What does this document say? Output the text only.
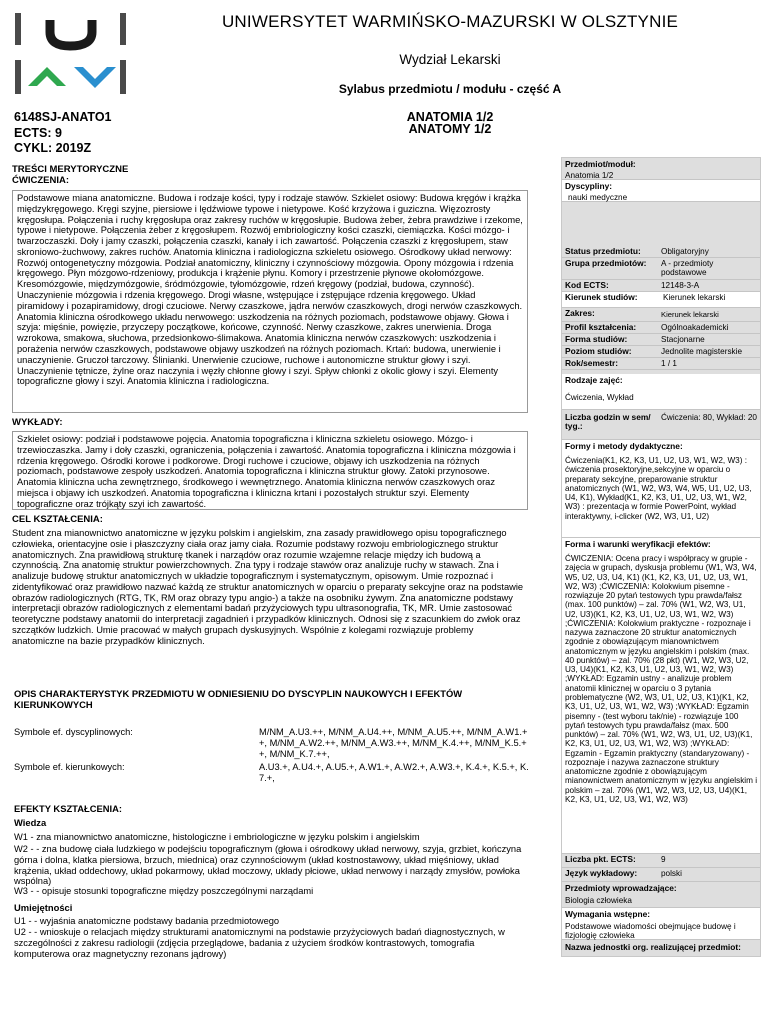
UNIWERSYTET WARMIŃSKO-MAZURSKI W OLSZTYNIE
Wydział Lekarski
Sylabus przedmiotu / modułu - część A
6148SJ-ANATO1
ECTS: 9
CYKL: 2019Z
ANATOMIA 1/2
ANATOMY 1/2
TREŚCI MERYTORYCZNE
ĆWICZENIA:
Podstawowe miana anatomiczne. Budowa i rodzaje kości, typy i rodzaje stawów. Szkielet osiowy: Budowa kręgów i krążka międzykręgowego. Kręgi szyjne, piersiowe i lędźwiowe typowe i nietypowe. Kość krzyżowa i guziczna. Więzozrosty kręgosłupa. Połączenia i ruchy kręgosłupa oraz zakresy ruchów w kręgosłupie. Budowa żeber, żebra prawdziwe i rzekome, typowe i nietypowe. Połączenia żeber z kręgosłupem. Rozwój embriologiczny kości czaszki, ciemiączka. Kości mózgo- i twarzoczaszki. Doły i jamy czaszki, połączenia czaszki, kanały i ich zawartość. Połączenia czaszki z kręgosłupem, staw skroniowo-żuchwowy, zakres ruchów. Anatomia kliniczna i radiologiczna szkieletu osiowego. Ośrodkowy układ nerwowy: Rozwój ontogenetyczny mózgowia. Podział anatomiczny, kliniczny i czynnościowy mózgowia. Opony mózgowia i rdzenia kręgowego. Płyn mózgowo-rdzeniowy, produkcja i krążenie płynu. Komory i przestrzenie płynowe okołomózgowe. Kresomózgowie, międzymózgowie, śródmózgowie, tyłomózgowie, rdzeń kręgowy (podział, budowa, czynność). Unaczynienie mózgowia i rdzenia kręgowego. Drogi własne, wstępujące i zstępujące rdzenia kręgowego. Układ piramidowy i pozapiramidowy, drogi czuciowe. Nerwy czaszkowe, jądra nerwów czaszkowych, drogi nerwów czaszkowych. Anatomia kliniczna ośrodkowego układu nerwowego: uszkodzenia na różnych poziomach, podstawowe objawy. Głowa i szyja: mięśnie, powięzie, przyczepy początkowe, końcowe, czynność. Nerwy czaszkowe, zakres unerwienia. Droga wzrokowa, smakowa, słuchowa, przedsionkowo-ślimakowa. Anatomia kliniczna nerwów czaszkowych: uszkodzenia i porażenia nerwów czaszkowych, podstawowe objawy uszkodzeń na różnych poziomach. Krtań: budowa, unerwienie i unaczynienie. Gruczoł tarczowy. Ślinianki. Unerwienie czuciowe, ruchowe i autonomiczne struktur głowy i szyi. Unaczynienie tętnicze, żylne oraz naczynia i węzły chłonne głowy i szyi. Spływ chłonki z okolic głowy i szyi. Elementy topograficzne głowy i szyi. Anatomia kliniczna i radiologiczna.
WYKŁADY:
Szkielet osiowy: podział i podstawowe pojęcia. Anatomia topograficzna i kliniczna szkieletu osiowego. Mózgo- i trzewioczaszka. Jamy i doły czaszki, ograniczenia, połączenia i zawartość. Anatomia topograficzna i kliniczna mózgowia i rdzenia kręgowego. Ośrodki korowe i podkorowe. Drogi ruchowe i czuciowe, objawy ich uszkodzenia na różnych poziomach, podstawowe zespoły uszkodzeń. Anatomia topograficzna i kliniczna struktur głowy. Zatoki przynosowe. Anatomia kliniczna ucha zewnętrznego, środkowego i wewnętrznego. Anatomia kliniczna nerwów czaszkowych oraz miejsca i objawy ich uszkodzeń. Anatomia topograficzna i kliniczna krtani i pozostałych struktur szyi. Elementy topograficzne oraz trójkąty szyi ich zawartość.
CEL KSZTAŁCENIA:
Student zna mianownictwo anatomiczne w języku polskim i angielskim, zna zasady prawidłowego opisu topograficznego człowieka, orientacyjne osie i płaszczyzny ciała oraz jamy ciała. Rozumie podstawy rozwoju embriologicznego struktur anatomicznych. Zna prawidłową strukturę tkanek i narządów oraz rozumie wzajemne relacje między ich budową a czynnością. Zna anatomię struktur powierzchownych. Zna typy i rodzaje stawów oraz analizuje ruchy w stawach. Zna i analizuje budowę struktur anatomicznych w układzie topograficznym i systematycznym, opisowym. Umie rozpoznać i zidentyfikować oraz prawidłowo nazwać każdą ze struktur anatomicznych w oparciu o preparaty sekcyjne oraz na podstawie obrazów radiologicznych (RTG, TK, RM oraz obrazy typu angio-) a także na osobniku żywym. Zna anatomiczne podstawy interpretacji obrazów radiologicznych z elementami badań przyżyciowych typu ultrasonografia, TK, MR. Umie zastosować teoretyczne podstawy anatomii do interpretacji zagadnień i przypadków klinicznych. Odnosi się z szacunkiem do zwłok oraz szczątków ludzkich. Umie pracować w małych grupach dyskusyjnych. Wspólnie z kolegami rozwiązuje problemy anatomiczne na bazie przypadków klinicznych.
OPIS CHARAKTERYSTYK PRZEDMIOTU W ODNIESIENIU DO DYSCYPLIN NAUKOWYCH I EFEKTÓW KIERUNKOWYCH
Symbole ef. dyscyplinowych:	M/NM_A.U3.++, M/NM_A.U4.++, M/NM_A.U5.++, M/NM_A.W1.+ +, M/NM_A.W2.++, M/NM_A.W3.++, M/NM_K.4.++, M/NM_K.5.+ +, M/NM_K.7.++,
Symbole ef. kierunkowych:	A.U3.+, A.U4.+, A.U5.+, A.W1.+, A.W2.+, A.W3.+, K.4.+, K.5.+, K. 7.+,
EFEKTY KSZTAŁCENIA:
Wiedza
W1 - zna mianownictwo anatomiczne, histologiczne i embriologiczne w języku polskim i angielskim
W2 - - zna budowę ciała ludzkiego w podejściu topograficznym (głowa i ośrodkowy układ nerwowy, szyja, grzbiet, kończyna górna i dolna, klatka piersiowa, brzuch, miednica) oraz czynnościowym (układ kostnostawowy, układ mięśniowy, układ krążenia, układ oddechowy, układ pokarmowy, układ moczowy, układy płciowe, układ nerwowy i narządy zmysłów, powłoka wspólna)
W3 - - opisuje stosunki topograficzne między poszczególnymi narządami
Umiejętności
U1 - - wyjaśnia anatomiczne podstawy badania przedmiotowego
U2 - - wnioskuje o relacjach między strukturami anatomicznymi na podstawie przyżyciowych badań diagnostycznych, w szczególności z zakresu radiologii (zdjęcia przeglądowe, badania z użyciem środków kontrastowych, tomografia komputerowa oraz magnetyczny rezonans jądrowy)
Przedmiot/moduł:
Anatomia 1/2
Dyscypliny:
nauki medyczne
Status przedmiotu: Obligatoryjny
Grupa przedmiotów: A - przedmioty podstawowe
Kod ECTS:	12148-3-A
Kierunek studiów:	Kierunek lekarski
Zakres:	Kierunek lekarski
Profil kształcenia:	Ogólnoakademicki
Forma studiów:	Stacjonarne
Poziom studiów:	Jednolite magisterskie
Rok/semestr:	1 / 1
Rodzaje zajęć:
Ćwiczenia, Wykład
Liczba godzin w sem/ tyg.:
Ćwiczenia: 80, Wykład: 20
Formy i metody dydaktyczne:
Ćwiczenia(K1, K2, K3, U1, U2, U3, W1, W2, W3) : ćwiczenia prosektoryjne,sekcyjne w oparciu o preparaty sekcyjne, preparowanie struktur anatomicznych (W1, W2, W3, W4, W5, U1, U2, U3, U4, K1), Wykład(K1, K2, K3, U1, U2, U3, W1, W2, W3) : prezentacja w formie PowerPoint, wykład interaktywny, i-clicker (W2, W3, U1, U2)
Forma i warunki weryfikacji efektów:
ĆWICZENIA: Ocena pracy i współpracy w grupie - zajęcia w grupach, dyskusja problemu (W1, W3, W4, W5, U2, U3, U4, K1) (K1, K2, K3, U1, U2, U3, W1, W2, W3) ;ĆWICZENIA: Kolokwium pisemne - rozwiązuje 20 pytań testowych typu prawda/fałsz (max. 100 punktów) – zal. 70% (W1, W2, W3, U1, U2, U3)(K1, K2, K3, U1, U2, U3, W1, W2, W3) ;ĆWICZENIA: Kolokwium praktyczne - rozpoznaje i nazywa zaznaczone 20 struktur anatomicznych zgodnie z obowiązującym mianownictwem anatomicznym w języku angielskim i polskim (max. 40 punktów) – zal. 70% (28 pkt) (W1, W2, W3, U2, U3, U4)(K1, K2, K3, U1, U2, U3, W1, W2, W3) ;WYKŁAD: Egzamin ustny - analizuje problem anatomii klinicznej w oparciu o 3 pytania problematyczne (W2, W3, U1, U2, U3, K1)(K1, K2, K3, U1, U2, U3, W1, W2, W3) ;WYKŁAD: Egzamin pisemny - (test wyboru tak/nie) - rozwiązuje 100 pytań testowych typu prawda/fałsz (max. 500 punktów) – zal. 70% (W1, W2, W3, U1, U2, U3)(K1, K2, K3, U1, U2, U3, W1, W2, W3) ;WYKŁAD: Egzamin - Egzamin praktyczny (standaryzowany) - rozpoznaje i nazywa zaznaczone struktury anatomiczne zgodnie z obowiązującym mianownictwem anatomicznym w języku angielskim i polskim – zal. 70% (W1, W2, W3, U2, U3, U4)(K1, K2, K3, U1, U2, U3, W1, W2, W3)
Liczba pkt. ECTS:	9
Język wykładowy:	polski
Przedmioty wprowadzające:
Biologia człowieka
Wymagania wstępne:
Podstawowe wiadomości obejmujące budowę i fizjologię człowieka
Nazwa jednostki org. realizującej przedmiot:
